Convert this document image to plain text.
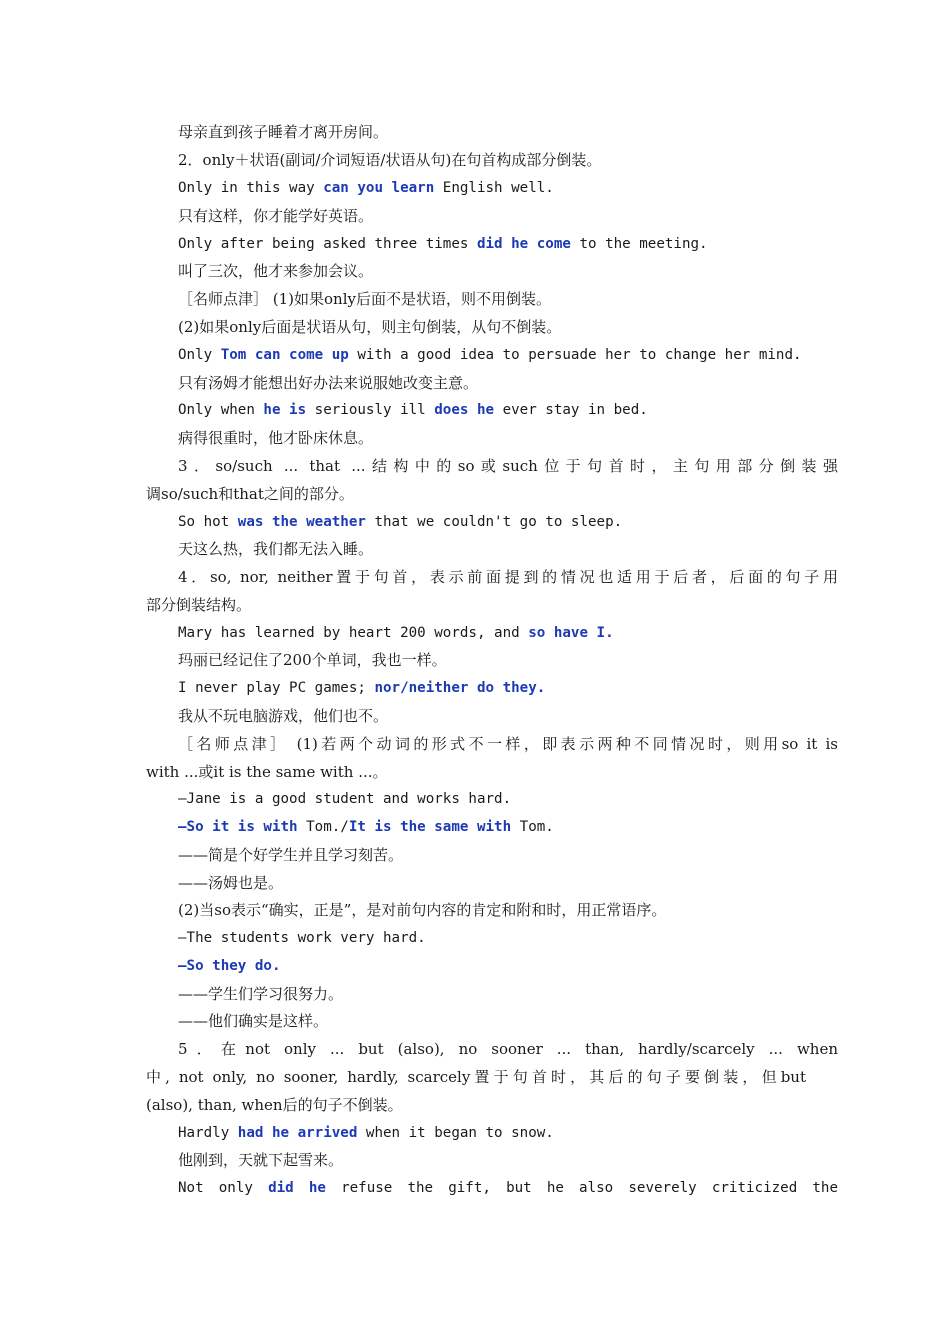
母亲直到孩子睡着才离开房间。
2．only＋状语(副词/介词短语/状语从句)在句首构成部分倒装。
Only in this way can you learn English well.
只有这样，你才能学好英语。
Only after being asked three times did he come to the meeting.
叫了三次，他才来参加会议。
［名师点津］ (1)如果only后面不是状语，则不用倒装。
(2)如果only后面是状语从句，则主句倒装，从句不倒装。
Only Tom can come up with a good idea to persuade her to change her mind.
只有汤姆才能想出好办法来说服她改变主意。
Only when he is seriously ill does he ever stay in bed.
病得很重时，他才卧床休息。
3．so/such ... that ...结构中的so或such位于句首时，主句用部分倒装强
调so/such和that之间的部分。
So hot was the weather that we couldn't go to sleep.
天这么热，我们都无法入睡。
4．so, nor, neither置于句首，表示前面提到的情况也适用于后者，后面的句子用
部分倒装结构。
Mary has learned by heart 200 words, and so have I.
玛丽已经记住了200个单词，我也一样。
I never play PC games; nor/neither do they.
我从不玩电脑游戏，他们也不。
［名师点津］ (1)若两个动词的形式不一样，即表示两种不同情况时，则用so it is
with ...或it is the same with ...。
—Jane is a good student and works hard.
—So it is with Tom./It is the same with Tom.
——简是个好学生并且学习刻苦。
——汤姆也是。
(2)当so表示“确实，正是”，是对前句内容的肯定和附和时，用正常语序。
—The students work very hard.
—So they do.
——学生们学习很努力。
——他们确实是这样。
5．在not only ... but (also), no sooner ... than, hardly/scarcely ... when
中, not only, no sooner, hardly, scarcely置于句首时，其后的句子要倒装，但but
(also), than, when后的句子不倒装。
Hardly had he arrived when it began to snow.
他刚到，天就下起雪来。
Not only did he refuse the gift, but he also severely criticized the
